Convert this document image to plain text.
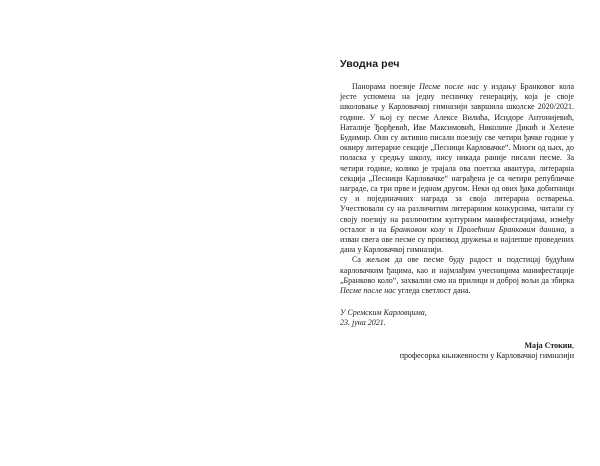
Уводна реч

Панорама поезије Песме после нас у издању Бранковог кола јесте успомена на једну песничку генерацију, која је своје школовање у Карловачкој гимназији завршила школске 2020/2021. године. У њој су песме Алексе Вилића, Исидоре Антонијевић, Наталије Ђорђевић, Иве Максимовић, Николине Дикић и Хелене Будимир. Они су активно писали поезију све четири ђачке године у оквиру литерарне секције „Песници Карловачке“. Многи од њих, до поласка у средњу школу, нису никада раније писали песме. За четири године, колико је трајала ова поетска авантура, литерарна секција „Песници Карловачке“ награђена је са четири републичке награде, са три прве и једном другом. Неки од ових ђака добитници су и појединачних награда за своја литерарна остварења. Учествовали су на различитим литерарним конкурсима, читали су своју поезију на различитим културним манифестацијама, између осталог и на Бранковом колу и Пролећним Бранковим данима, а изван свега ове песме су производ дружења и најлепше проведених дана у Карловачкој гимназији.

Са жељом да ове песме буду радост и подстицај будућим карловачким ђацима, као и најмлађим учесницима манифестације „Бранково коло“, захвални смо на прилици и доброј вољи да збирка Песме после нас угледа светлост дана.

У Сремским Карловцима,
23. јуна 2021.
Маја Стокин,
професорка књижевности у Карловачкој гимназији
